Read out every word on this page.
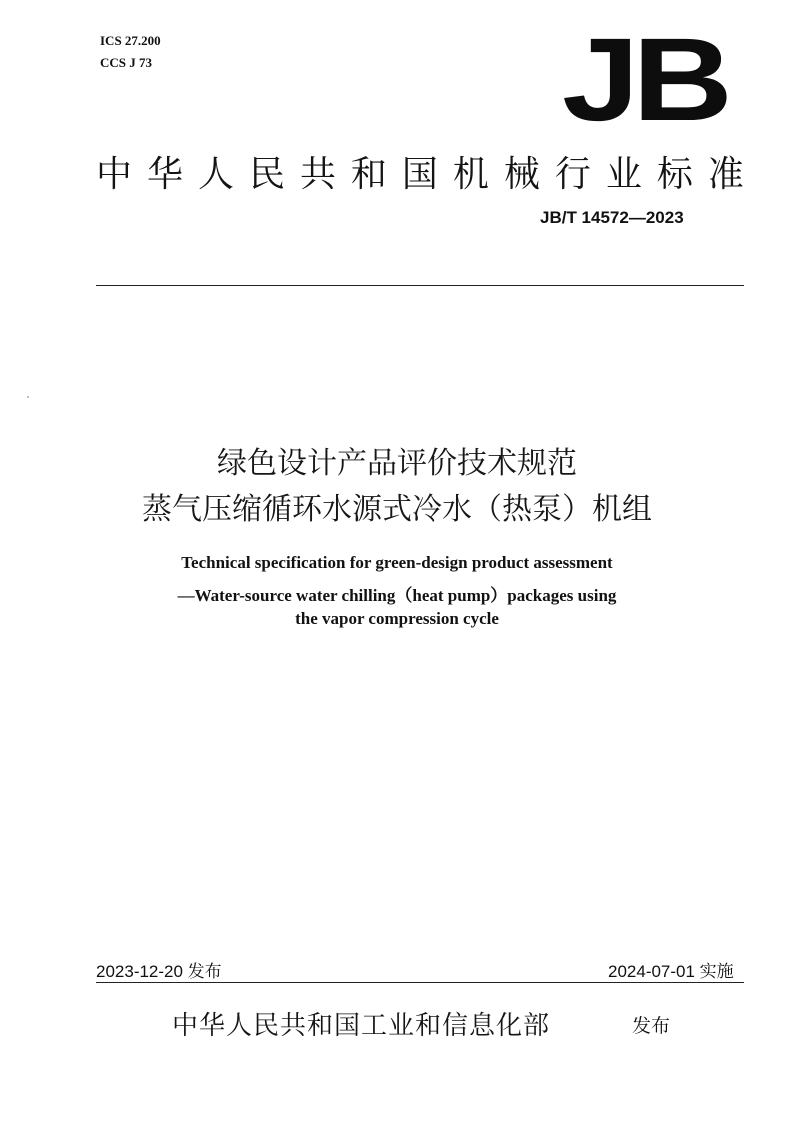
ICS 27.200
CCS J 73	JB
中 华 人 民 共 和 国 机 械 行 业 标 准
JB/T 14572—2023
绿色设计产品评价技术规范
蒸气压缩循环水源式冷水（热泵）机组
Technical specification for green-design product assessment
—Water-source water chilling（heat pump）packages using
the vapor compression cycle
2023-12-20 发布	2024-07-01 实施
中华人民共和国工业和信息化部	发布
